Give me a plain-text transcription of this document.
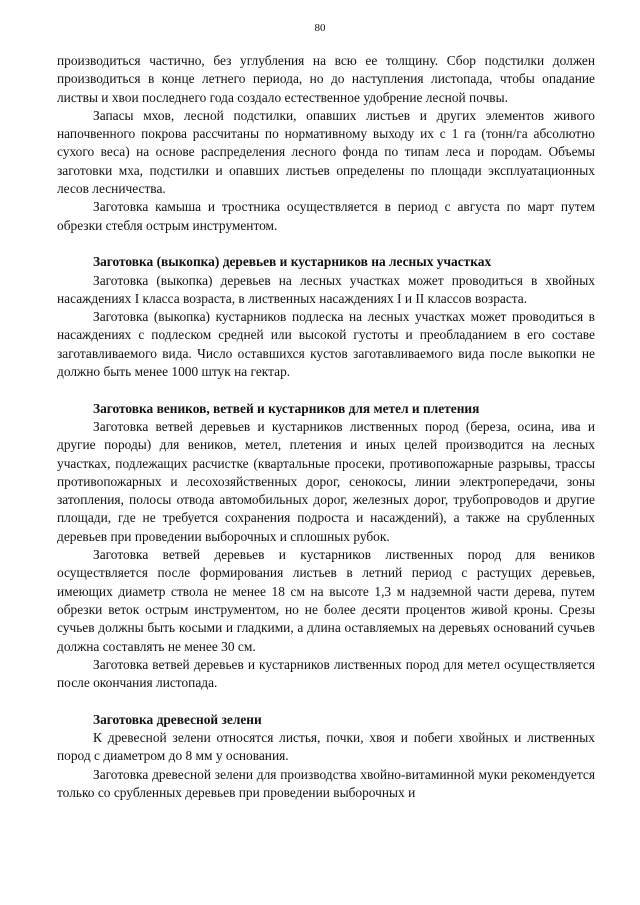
80

производиться частично, без углубления на всю ее толщину. Сбор подстилки должен производиться в конце летнего периода, но до наступления листопада, чтобы опадание листвы и хвои последнего года создало естественное удобрение лесной почвы.

Запасы мхов, лесной подстилки, опавших листьев и других элементов живого напочвенного покрова рассчитаны по нормативному выходу их с 1 га (тонн/га абсолютно сухого веса) на основе распределения лесного фонда по типам леса и породам. Объемы заготовки мха, подстилки и опавших листьев определены по площади эксплуатационных лесов лесничества.

Заготовка камыша и тростника осуществляется в период с августа по март путем обрезки стебля острым инструментом.

Заготовка (выкопка) деревьев и кустарников на лесных участках

Заготовка (выкопка) деревьев на лесных участках может проводиться в хвойных насаждениях I класса возраста, в лиственных насаждениях I и II классов возраста.

Заготовка (выкопка) кустарников подлеска на лесных участках может проводиться в насаждениях с подлеском средней или высокой густоты и преобладанием в его составе заготавливаемого вида. Число оставшихся кустов заготавливаемого вида после выкопки не должно быть менее 1000 штук на гектар.

Заготовка веников, ветвей и кустарников для метел и плетения

Заготовка ветвей деревьев и кустарников лиственных пород (береза, осина, ива и другие породы) для веников, метел, плетения и иных целей производится на лесных участках, подлежащих расчистке (квартальные просеки, противопожарные разрывы, трассы противопожарных и лесохозяйственных дорог, сенокосы, линии электропередачи, зоны затопления, полосы отвода автомобильных дорог, железных дорог, трубопроводов и другие площади, где не требуется сохранения подроста и насаждений), а также на срубленных деревьев при проведении выборочных и сплошных рубок.

Заготовка ветвей деревьев и кустарников лиственных пород для веников осуществляется после формирования листьев в летний период с растущих деревьев, имеющих диаметр ствола не менее 18 см на высоте 1,3 м надземной части дерева, путем обрезки веток острым инструментом, но не более десяти процентов живой кроны. Срезы сучьев должны быть косыми и гладкими, а длина оставляемых на деревьях оснований сучьев должна составлять не менее 30 см.

Заготовка ветвей деревьев и кустарников лиственных пород для метел осуществляется после окончания листопада.

Заготовка древесной зелени

К древесной зелени относятся листья, почки, хвоя и побеги хвойных и лиственных пород с диаметром до 8 мм у основания.

Заготовка древесной зелени для производства хвойно-витаминной муки рекомендуется только со срубленных деревьев при проведении выборочных и
